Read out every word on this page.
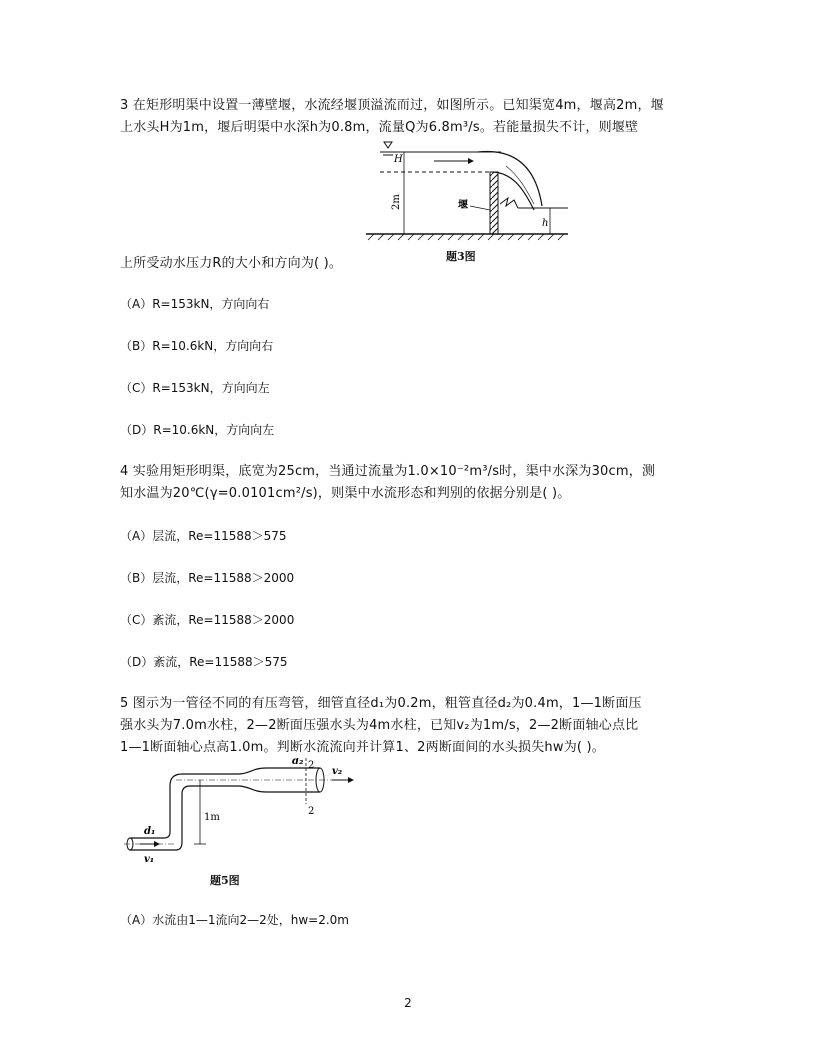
3 在矩形明渠中设置一薄壁堰，水流经堰顶溢流而过，如图所示。已知渠宽4m，堰高2m，堰
上水头H为1m，堰后明渠中水深h为0.8m，流量Q为6.8m³/s。若能量损失不计，则堰壁
H
2m	堰
h
题3图
上所受动水压力R的大小和方向为( )。
（A）R=153kN，方向向右
（B）R=10.6kN，方向向右
（C）R=153kN，方向向左
（D）R=10.6kN，方向向左
4 实验用矩形明渠，底宽为25cm，当通过流量为1.0×10⁻²m³/s时，渠中水深为30cm，测
知水温为20℃(γ=0.0101cm²/s)，则渠中水流形态和判别的依据分别是( )。
（A）层流，Re=11588＞575
（B）层流，Re=11588＞2000
（C）紊流，Re=11588＞2000
（D）紊流，Re=11588＞575
5 图示为一管径不同的有压弯管，细管直径d₁为0.2m，粗管直径d₂为0.4m，1—1断面压
强水头为7.0m水柱，2—2断面压强水头为4m水柱，已知v₂为1m/s，2—2断面轴心点比
1—1断面轴心点高1.0m。判断水流流向并计算1、2两断面间的水头损失hw为( )。
1m
d₁
v₁
d₂
v₂
2
2
题5图
（A）水流由1—1流向2—2处，hw=2.0m
2
